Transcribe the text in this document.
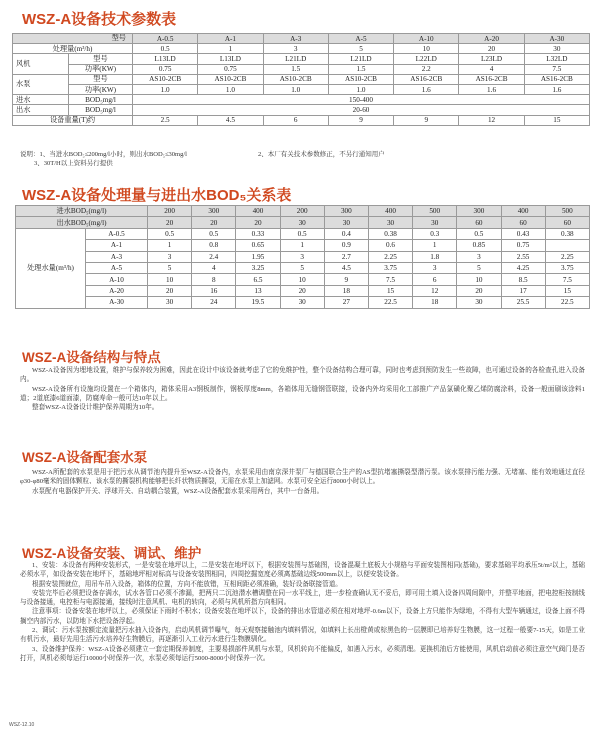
WSZ-A设备技术参数表
型号		A-0.5	A-1	A-3	A-5	A-10	A-20	A-30
处理量(m³/h)		0.5	1	3	5	10	20	30
风机	型号	L13LD	L13LD	L21LD	L21LD	L22LD	L23LD	L32LD
	功率(KW)	0.75	0.75	1.5	1.5	2.2	4	7.5
水泵	型号	AS10-2CB	AS10-2CB	AS10-2CB	AS10-2CB	AS16-2CB	AS16-2CB	AS16-2CB
	功率(KW)	1.0	1.0	1.0	1.0	1.6	1.6	1.6
进水	BOD₅mg/l	150-400						
出水	BOD₅mg/l	20-60						
设备重量(T)约		2.5	4.5	6	9	9	12	15
说明：1、当进水BOD₅≤200mg/l小时，则出水BOD₅≤30mg/l	2、本厂有关技术参数修正，不另行通知用户
3、30T/H以上资料另行提供
WSZ-A设备处理量与进出水BOD₅关系表
进水BOD₅(mg/l)		200	300	400	200	300	400	500	300	400	500
出水BOD₅(mg/l)		20	20	20	30	30	30	30	60	60	60
处理水量(m³/h)	A-0.5	0.5	0.5	0.33	0.5	0.4	0.38	0.3	0.5	0.43	0.38
	A-1	1	0.8	0.65	1	0.9	0.6	1	0.85	0.75	
	A-3	3	2.4	1.95	3	2.7	2.25	1.8	3	2.55	2.25
	A-5	5	4	3.25	5	4.5	3.75	3	5	4.25	3.75
	A-10	10	8	6.5	10	9	7.5	6	10	8.5	7.5
	A-20	20	16	13	20	18	15	12	20	17	15
	A-30	30	24	19.5	30	27	22.5	18	30	25.5	22.5
WSZ-A设备结构与特点

WSZ-A设备因为埋地设置，维护与保养较为困难，因此在设计中该设备就考虑了它的免维护性，整个设备结构合理可靠，同时也考虑到预防发生一些故障，也可通过设备的各检查孔进入设备内。

WSZ-A设备所有设施均设置在一个箱体内，箱体采用A3钢板制作，钢板厚度8mm，各箱体用无缝钢管联接，设备内外均采用化工部推广产品氯磺化聚乙烯防腐涂料，设备一般面刷该涂料1道；2道底漆6道面漆，防腐寿命一般可达10年以上。

整套WSZ-A设备设计维护保养周期为10年。

WSZ-A设备配套水泵

WSZ-A所配套的水泵是用于把污水从调节池内提升至WSZ-A设备内，水泵采用由南京深井泵厂与德国联合生产的AS型抗堵塞撕裂型潜污泵。该水泵排污能力强、无堵塞、能有效地通过直径φ30-φ80毫米的固体颗粒、该水泵的撕裂机构能够把长纤状物质撕裂，无需在水泵上加滤网。水泵可安全运行8000小时以上。

水泵配有电器保护开关、浮球开关、自动耦合装置，WSZ-A设备配套水泵采用两台，其中一台备用。

WSZ-A设备安装、调试、维护

1、安装：本设备有两种安装形式，一是安装在地坪以上，二是安装在地坪以下，根据安装图与基础图，设备混凝土底板大小规格与平面安装图相同(基础)，要求基础平均承压5t/m²以上，基础必须水平，如设备安装在地坪下，基础地坪相对标高与设备安装图相同，四周挖掘宽度必须离基础边线500mm以上，以便安装设备。

根据安装图就位，用吊车吊入设备，箱体的位置，方向不能放错，互相间距必须准确，装好设备联接管道。

安装完毕后必须把设备存满水，试水各管口必须不渗漏，把两只二沉池潜水槽调整在同一水平线上，进一步检查确认无不妥后，即可用土填入设备四周间隙中，并整平地面，把电控柜按制线与设备接通，电控柜与电源接通，接线时注意风机、电机的转向，必须与风机所指方向相同。

注意事项：设备安装在地坪以上，必须保证下雨时不积水；设备安装在地坪以下，设备的排出水管道必须在相对地坪-0.6m以下，设备上方只能作为绿地，不得有大型车辆通过，设备上面不得搁空内部污水，以防地下水把设备浮起。

2、调试：污水泵按额定流量把污水抽入设备内，启动风机调节曝气，每天观察接触池内填料情况，如填料上长出橙黄或棕黑色的一层膜即已培养好生物膜，这一过程一般要7-15天，如是工业有机污水，最好先用生活污水培养好生物膜后，再逐渐引入工业污水进行生物膜驯化。

3、设备维护保养：WSZ-A设备必须建立一套定期保养制度，主要易损部件风机与水泵，风机转向不能偏反，如遇入污水，必须清理。更换机油后方能使用，风机启动前必须注意空气阀门是否打开，风机必须每运行10000小时保养一次，水泵必须每运行5000-8000小时保养一次。

WSZ-12.10
